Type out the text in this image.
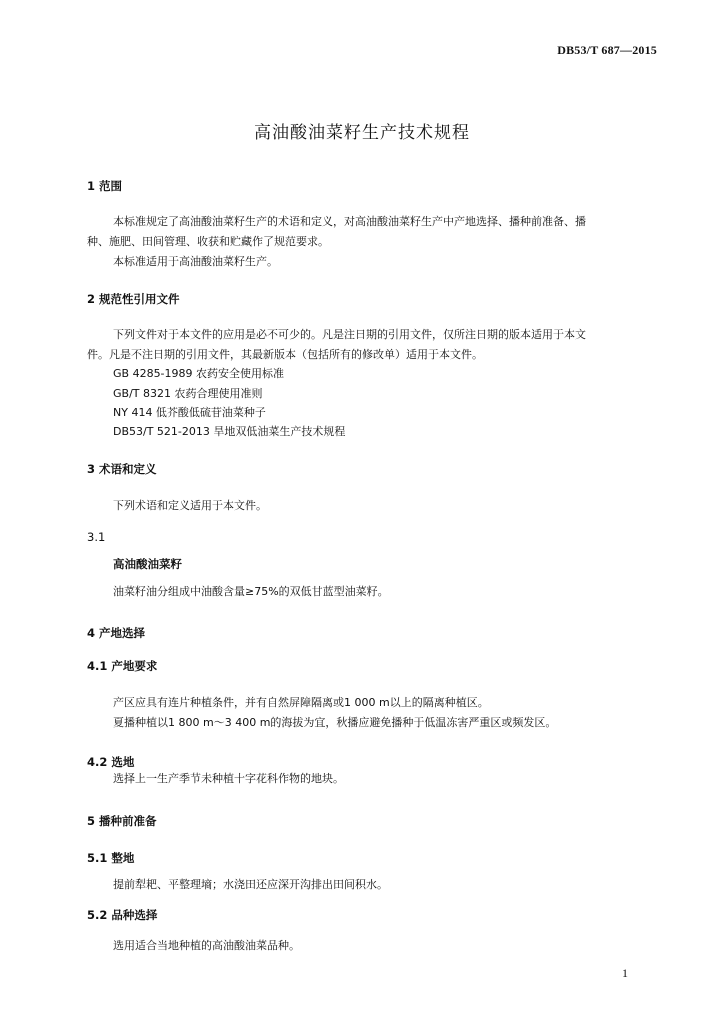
DB53/T 687—2015
高油酸油菜籽生产技术规程
1 范围
本标准规定了高油酸油菜籽生产的术语和定义，对高油酸油菜籽生产中产地选择、播种前准备、播
种、施肥、田间管理、收获和贮藏作了规范要求。
本标准适用于高油酸油菜籽生产。
2 规范性引用文件
下列文件对于本文件的应用是必不可少的。凡是注日期的引用文件，仅所注日期的版本适用于本文
件。凡是不注日期的引用文件，其最新版本（包括所有的修改单）适用于本文件。
GB 4285-1989 农药安全使用标准
GB/T 8321 农药合理使用准则
NY 414 低芥酸低硫苷油菜种子
DB53/T 521-2013 旱地双低油菜生产技术规程
3 术语和定义
下列术语和定义适用于本文件。
3.1
高油酸油菜籽
油菜籽油分组成中油酸含量≥75%的双低甘蓝型油菜籽。
4 产地选择
4.1 产地要求
产区应具有连片种植条件，并有自然屏障隔离或1 000 m以上的隔离种植区。
夏播种植以1 800 m～3 400 m的海拔为宜，秋播应避免播种于低温冻害严重区或频发区。
4.2 选地
选择上一生产季节未种植十字花科作物的地块。
5 播种前准备
5.1 整地
提前犁耙、平整理墒；水浇田还应深开沟排出田间积水。
5.2 品种选择
选用适合当地种植的高油酸油菜品种。
1
